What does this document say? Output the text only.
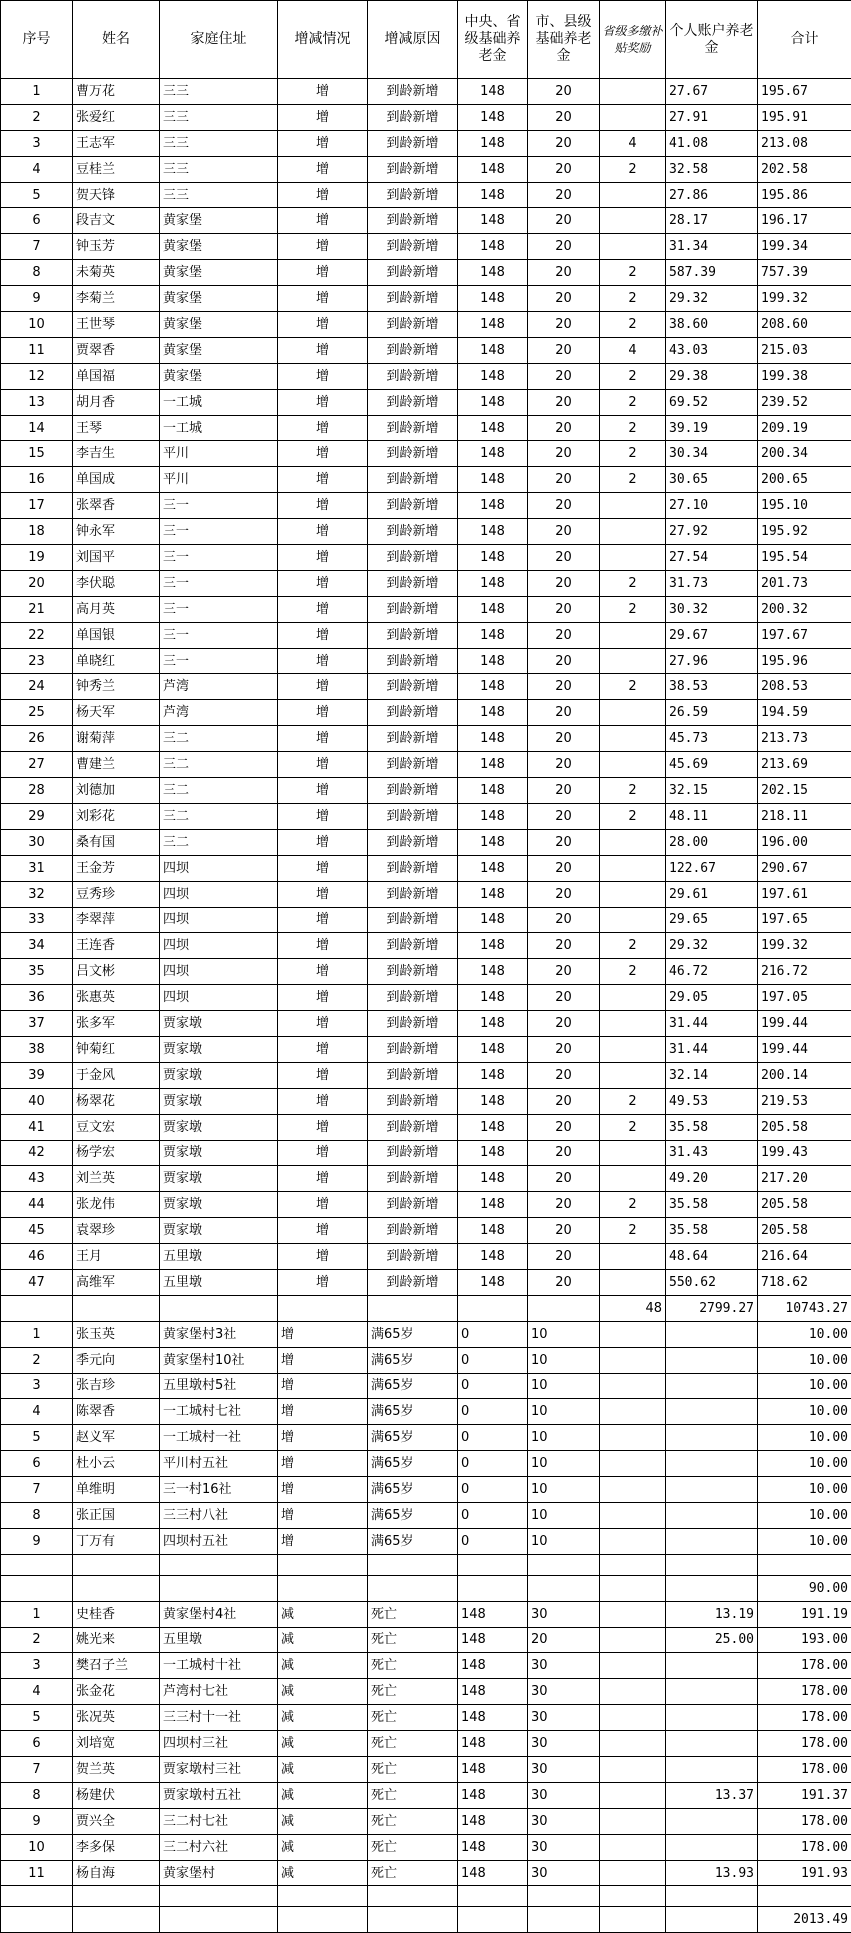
序号	姓名	家庭住址	增减情况	增减原因	中央、省级基础养老金	市、县级基础养老金	省级多缴补贴奖励	个人账户养老金	合计
1	曹万花	三三	增	到龄新增	148	20		27.67	195.67
2	张爱红	三三	增	到龄新增	148	20		27.91	195.91
3	王志军	三三	增	到龄新增	148	20	4	41.08	213.08
4	豆桂兰	三三	增	到龄新增	148	20	2	32.58	202.58
5	贺天锋	三三	增	到龄新增	148	20		27.86	195.86
6	段吉文	黄家堡	增	到龄新增	148	20		28.17	196.17
7	钟玉芳	黄家堡	增	到龄新增	148	20		31.34	199.34
8	未菊英	黄家堡	增	到龄新增	148	20	2	587.39	757.39
9	李菊兰	黄家堡	增	到龄新增	148	20	2	29.32	199.32
10	王世琴	黄家堡	增	到龄新增	148	20	2	38.60	208.60
11	贾翠香	黄家堡	增	到龄新增	148	20	4	43.03	215.03
12	单国福	黄家堡	增	到龄新增	148	20	2	29.38	199.38
13	胡月香	一工城	增	到龄新增	148	20	2	69.52	239.52
14	王琴	一工城	增	到龄新增	148	20	2	39.19	209.19
15	李吉生	平川	增	到龄新增	148	20	2	30.34	200.34
16	单国成	平川	增	到龄新增	148	20	2	30.65	200.65
17	张翠香	三一	增	到龄新增	148	20		27.10	195.10
18	钟永军	三一	增	到龄新增	148	20		27.92	195.92
19	刘国平	三一	增	到龄新增	148	20		27.54	195.54
20	李伏聪	三一	增	到龄新增	148	20	2	31.73	201.73
21	高月英	三一	增	到龄新增	148	20	2	30.32	200.32
22	单国银	三一	增	到龄新增	148	20		29.67	197.67
23	单晓红	三一	增	到龄新增	148	20		27.96	195.96
24	钟秀兰	芦湾	增	到龄新增	148	20	2	38.53	208.53
25	杨天军	芦湾	增	到龄新增	148	20		26.59	194.59
26	谢菊萍	三二	增	到龄新增	148	20		45.73	213.73
27	曹建兰	三二	增	到龄新增	148	20		45.69	213.69
28	刘德加	三二	增	到龄新增	148	20	2	32.15	202.15
29	刘彩花	三二	增	到龄新增	148	20	2	48.11	218.11
30	桑有国	三二	增	到龄新增	148	20		28.00	196.00
31	王金芳	四坝	增	到龄新增	148	20		122.67	290.67
32	豆秀珍	四坝	增	到龄新增	148	20		29.61	197.61
33	李翠萍	四坝	增	到龄新增	148	20		29.65	197.65
34	王连香	四坝	增	到龄新增	148	20	2	29.32	199.32
35	吕文彬	四坝	增	到龄新增	148	20	2	46.72	216.72
36	张惠英	四坝	增	到龄新增	148	20		29.05	197.05
37	张多军	贾家墩	增	到龄新增	148	20		31.44	199.44
38	钟菊红	贾家墩	增	到龄新增	148	20		31.44	199.44
39	于金风	贾家墩	增	到龄新增	148	20		32.14	200.14
40	杨翠花	贾家墩	增	到龄新增	148	20	2	49.53	219.53
41	豆文宏	贾家墩	增	到龄新增	148	20	2	35.58	205.58
42	杨学宏	贾家墩	增	到龄新增	148	20		31.43	199.43
43	刘兰英	贾家墩	增	到龄新增	148	20		49.20	217.20
44	张龙伟	贾家墩	增	到龄新增	148	20	2	35.58	205.58
45	袁翠珍	贾家墩	增	到龄新增	148	20	2	35.58	205.58
46	王月	五里墩	增	到龄新增	148	20		48.64	216.64
47	高维军	五里墩	增	到龄新增	148	20		550.62	718.62
							48	2799.27	10743.27
1	张玉英	黄家堡村3社	增	满65岁	0	10			10.00
2	季元向	黄家堡村10社	增	满65岁	0	10			10.00
3	张吉珍	五里墩村5社	增	满65岁	0	10			10.00
4	陈翠香	一工城村七社	增	满65岁	0	10			10.00
5	赵义军	一工城村一社	增	满65岁	0	10			10.00
6	杜小云	平川村五社	增	满65岁	0	10			10.00
7	单维明	三一村16社	增	满65岁	0	10			10.00
8	张正国	三三村八社	增	满65岁	0	10			10.00
9	丁万有	四坝村五社	增	满65岁	0	10			10.00

									90.00
1	史桂香	黄家堡村4社	减	死亡	148	30		13.19	191.19
2	姚光来	五里墩	减	死亡	148	20		25.00	193.00
3	樊召子兰	一工城村十社	减	死亡	148	30			178.00
4	张金花	芦湾村七社	减	死亡	148	30			178.00
5	张况英	三三村十一社	减	死亡	148	30			178.00
6	刘培宽	四坝村三社	减	死亡	148	30			178.00
7	贺兰英	贾家墩村三社	减	死亡	148	30			178.00
8	杨建伏	贾家墩村五社	减	死亡	148	30		13.37	191.37
9	贾兴全	三二村七社	减	死亡	148	30			178.00
10	李多保	三二村六社	减	死亡	148	30			178.00
11	杨自海	黄家堡村	减	死亡	148	30		13.93	191.93

									2013.49
